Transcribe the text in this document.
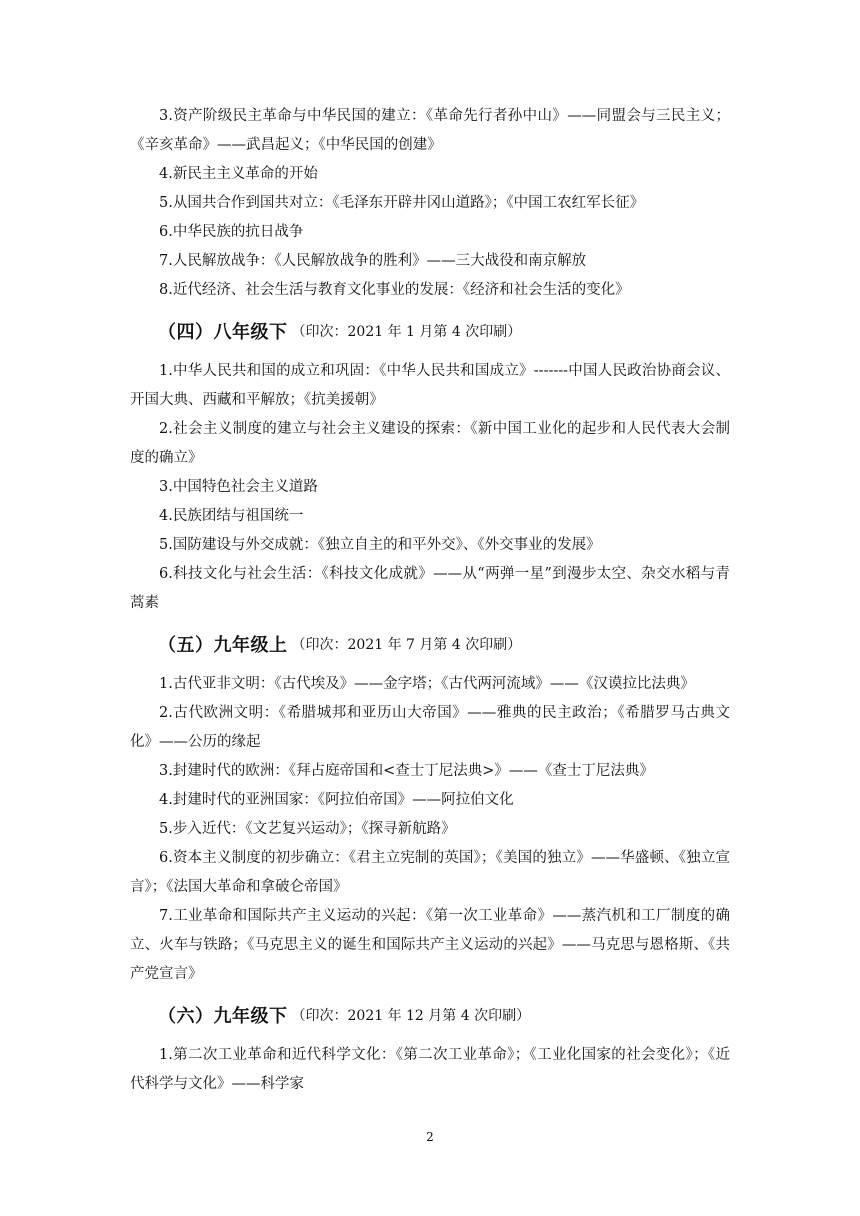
3.资产阶级民主革命与中华民国的建立：《革命先行者孙中山》——同盟会与三民主义；《辛亥革命》——武昌起义；《中华民国的创建》

4.新民主主义革命的开始

5.从国共合作到国共对立：《毛泽东开辟井冈山道路》；《中国工农红军长征》

6.中华民族的抗日战争

7.人民解放战争：《人民解放战争的胜利》——三大战役和南京解放

8.近代经济、社会生活与教育文化事业的发展：《经济和社会生活的变化》

（四）八年级下 （印次：2021 年 1 月第 4 次印刷）

1.中华人民共和国的成立和巩固：《中华人民共和国成立》-------中国人民政治协商会议、开国大典、西藏和平解放；《抗美援朝》

2.社会主义制度的建立与社会主义建设的探索：《新中国工业化的起步和人民代表大会制度的确立》

3.中国特色社会主义道路

4.民族团结与祖国统一

5.国防建设与外交成就：《独立自主的和平外交》、《外交事业的发展》

6.科技文化与社会生活：《科技文化成就》——从“两弹一星”到漫步太空、杂交水稻与青蒿素

（五）九年级上 （印次：2021 年 7 月第 4 次印刷）

1.古代亚非文明：《古代埃及》——金字塔；《古代两河流域》——《汉谟拉比法典》

2.古代欧洲文明：《希腊城邦和亚历山大帝国》——雅典的民主政治；《希腊罗马古典文化》——公历的缘起

3.封建时代的欧洲：《拜占庭帝国和<查士丁尼法典>》——《查士丁尼法典》

4.封建时代的亚洲国家：《阿拉伯帝国》——阿拉伯文化

5.步入近代：《文艺复兴运动》；《探寻新航路》

6.资本主义制度的初步确立：《君主立宪制的英国》；《美国的独立》——华盛顿、《独立宣言》；《法国大革命和拿破仑帝国》

7.工业革命和国际共产主义运动的兴起：《第一次工业革命》——蒸汽机和工厂制度的确立、火车与铁路；《马克思主义的诞生和国际共产主义运动的兴起》——马克思与恩格斯、《共产党宣言》

（六）九年级下 （印次：2021 年 12 月第 4 次印刷）

1.第二次工业革命和近代科学文化：《第二次工业革命》；《工业化国家的社会变化》；《近代科学与文化》——科学家

2
